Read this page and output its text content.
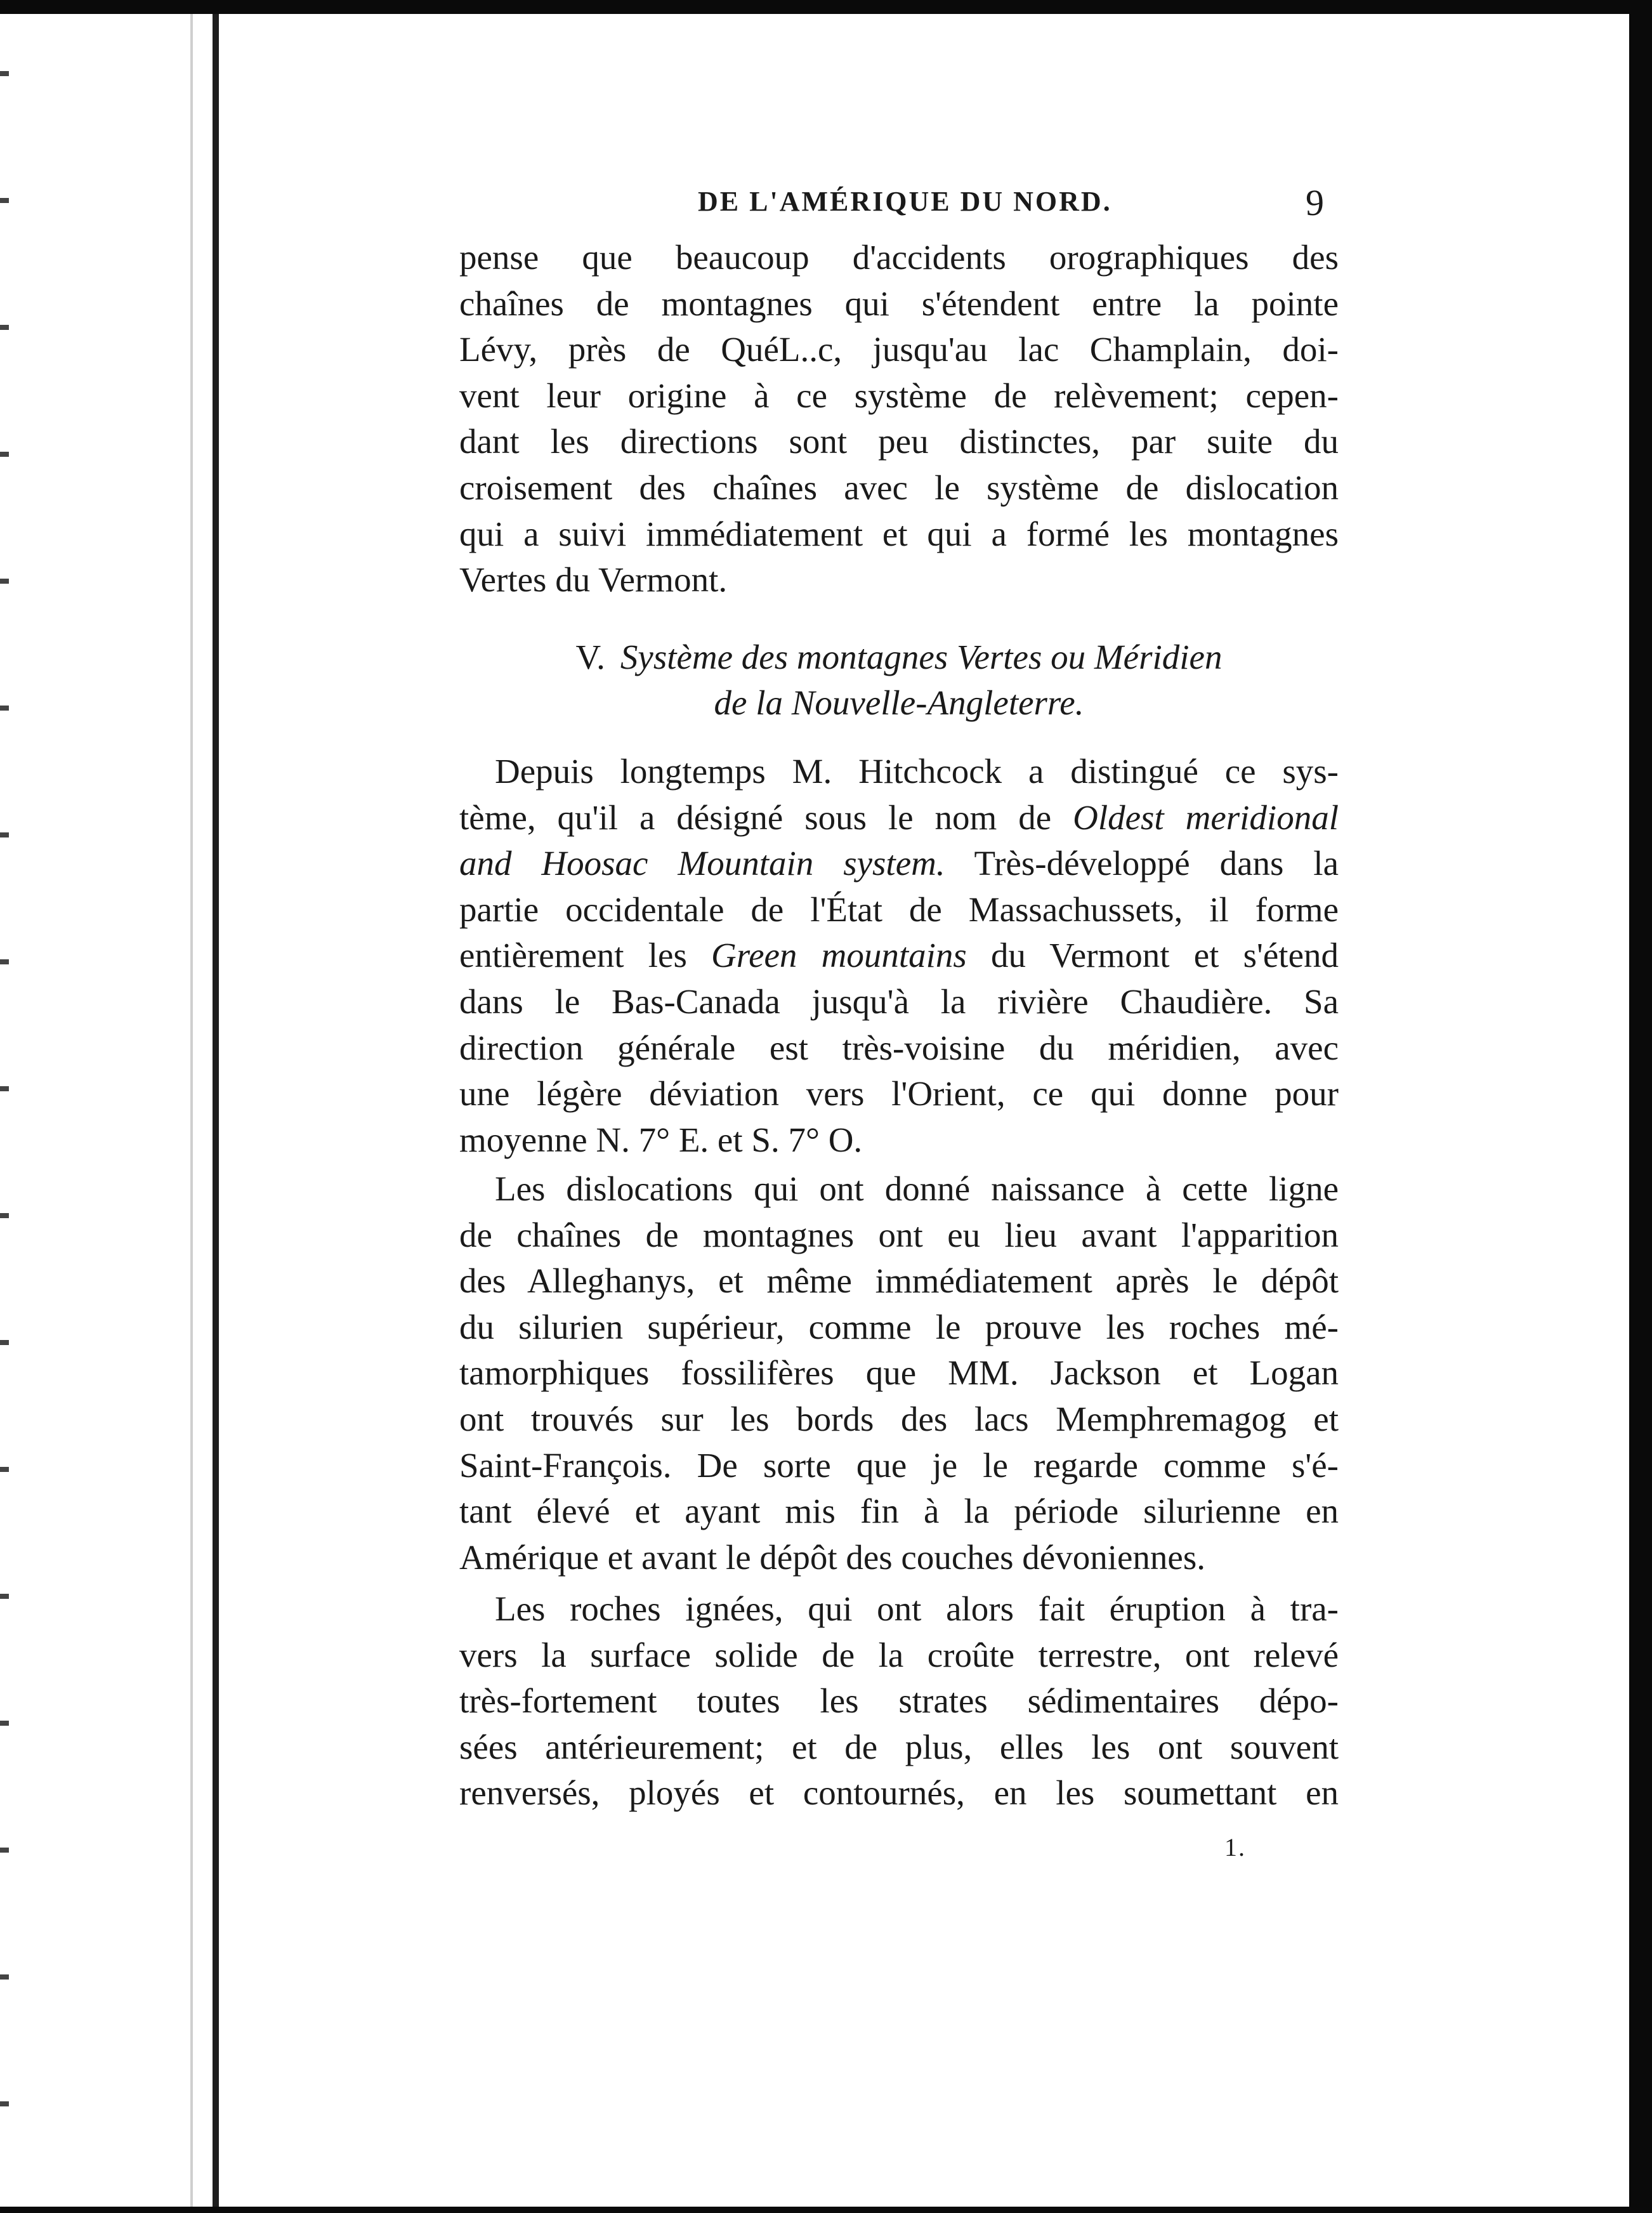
DE L'AMÉRIQUE DU NORD.	9
pense que beaucoup d'accidents orographiques des
chaînes de montagnes qui s'étendent entre la pointe
Lévy, près de QuéL..c, jusqu'au lac Champlain, doi-
vent leur origine à ce système de relèvement; cepen-
dant les directions sont peu distinctes, par suite du
croisement des chaînes avec le système de dislocation
qui a suivi immédiatement et qui a formé les montagnes
Vertes du Vermont.
V. Système des montagnes Vertes ou Méridien
de la Nouvelle-Angleterre.
Depuis longtemps M. Hitchcock a distingué ce sys-
tème, qu'il a désigné sous le nom de Oldest meridional
and Hoosac Mountain system. Très-développé dans la
partie occidentale de l'État de Massachussets, il forme
entièrement les Green mountains du Vermont et s'étend
dans le Bas-Canada jusqu'à la rivière Chaudière. Sa
direction générale est très-voisine du méridien, avec
une légère déviation vers l'Orient, ce qui donne pour
moyenne N. 7° E. et S. 7° O.
Les dislocations qui ont donné naissance à cette ligne
de chaînes de montagnes ont eu lieu avant l'apparition
des Alleghanys, et même immédiatement après le dépôt
du silurien supérieur, comme le prouve les roches mé-
tamorphiques fossilifères que MM. Jackson et Logan
ont trouvés sur les bords des lacs Memphremagog et
Saint-François. De sorte que je le regarde comme s'é-
tant élevé et ayant mis fin à la période silurienne en
Amérique et avant le dépôt des couches dévoniennes.
Les roches ignées, qui ont alors fait éruption à tra-
vers la surface solide de la croûte terrestre, ont relevé
très-fortement toutes les strates sédimentaires dépo-
sées antérieurement; et de plus, elles les ont souvent
renversés, ployés et contournés, en les soumettant en
1.
